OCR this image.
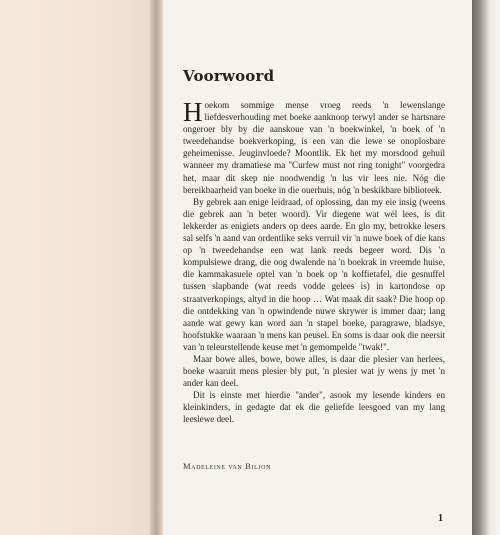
Voorwoord

Hoekom sommige mense vroeg reeds 'n lewenslange liefdesverhouding met boeke aanknoop terwyl ander se hartsnare ongeroer bly by die aanskoue van 'n boekwinkel, 'n boek of 'n tweedehandse boekverkoping, is een van die lewe se onoplosbare geheimenisse. Jeuginvloede? Moontlik. Ek het my morsdood gehuil wanneer my dramatiese ma "Curfew must not ring tonight" voorgedra het, maar dit skep nie noodwendig 'n lus vir lees nie. Nóg die bereikbaarheid van boeke in die ouerhuis, nóg 'n beskikbare biblioteek.

By gebrek aan enige leidraad, of oplossing, dan my eie insig (weens die gebrek aan 'n beter woord). Vir diegene wat wél lees, is dit lekkerder as enigiets anders op dees aarde. En glo my, betrokke lesers sal selfs 'n aand van ordentlike seks verruil vir 'n nuwe boek of die kans op 'n tweedehandse een wat lank reeds begeer word. Dis 'n kompulsiewe drang, die oog dwalende na 'n boekrak in vreemde huise, die kammakasuele optel van 'n boek op 'n koffietafel, die gesnuffel tussen slapbande (wat reeds vodde gelees is) in kartondose op straatverkopings, altyd in die hoop … Wat maak dit saak? Die hoop op die ontdekking van 'n opwindende nuwe skrywer is immer daar; lang aande wat gewy kan word aan 'n stapel boeke, paragrawe, bladsye, hoofstukke waaraan 'n mens kan peusel. En soms is daar ook die neersit van 'n teleurstellende keuse met 'n gemompelde "twak!".

Maar bowe alles, bowe, bowe alles, is daar die plesier van herlees, boeke waaruit mens plesier bly put, 'n plesier wat jy wens jy met 'n ander kan deel.

Dit is einste met hierdie "ander", asook my lesende kinders en kleinkinders, in gedagte dat ek die geliefde leesgoed van my lang leeslewe deel.

Madeleine van Biljon
1
